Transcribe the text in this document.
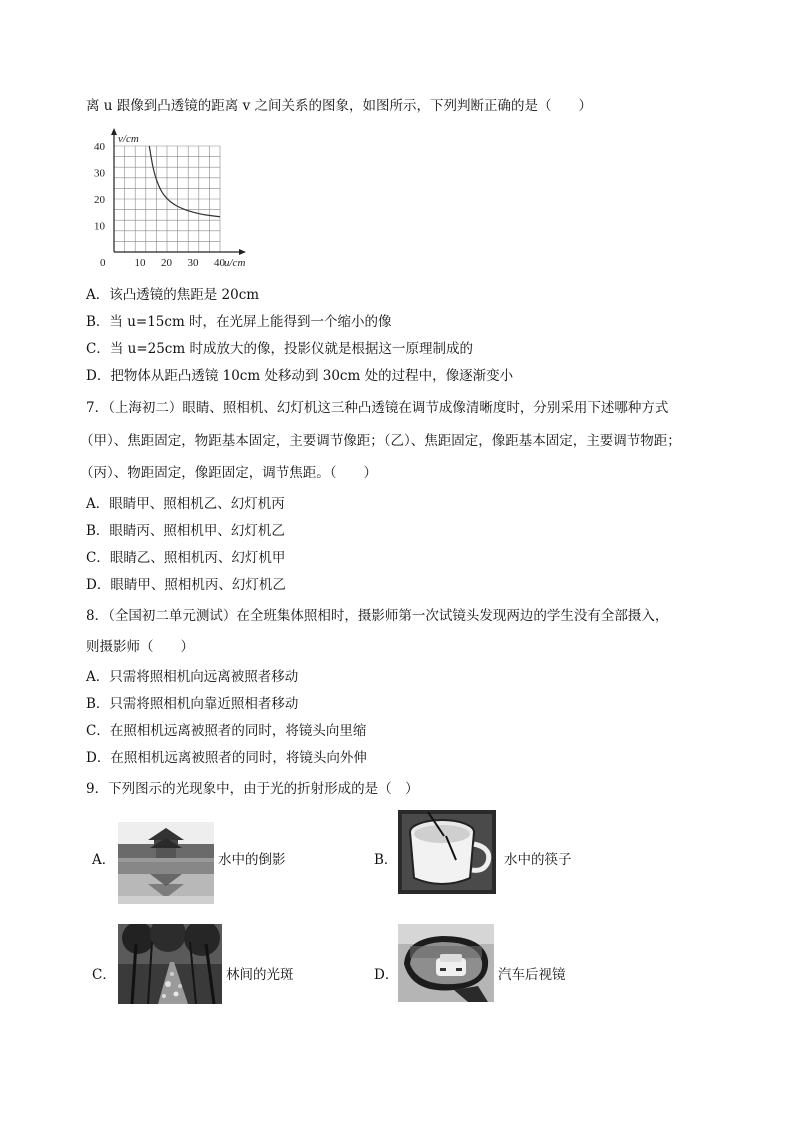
离 u 跟像到凸透镜的距离 v 之间关系的图象，如图所示，下列判断正确的是（　　）
0	10 20 30 40
10
20
30
40
u/cm
v/cm
A．该凸透镜的焦距是 20cm
B．当 u=15cm 时，在光屏上能得到一个缩小的像
C．当 u=25cm 时成放大的像，投影仪就是根据这一原理制成的
D．把物体从距凸透镜 10cm 处移动到 30cm 处的过程中，像逐渐变小
7．（上海初二）眼睛、照相机、幻灯机这三种凸透镜在调节成像清晰度时，分别采用下述哪种方式
（甲）、焦距固定，物距基本固定，主要调节像距；（乙）、焦距固定，像距基本固定，主要调节物距；
（丙）、物距固定，像距固定，调节焦距。（　　）
A．眼睛甲、照相机乙、幻灯机丙
B．眼睛丙、照相机甲、幻灯机乙
C．眼睛乙、照相机丙、幻灯机甲
D．眼睛甲、照相机丙、幻灯机乙
8．（全国初二单元测试）在全班集体照相时，摄影师第一次试镜头发现两边的学生没有全部摄入，
则摄影师（　　）
A．只需将照相机向远离被照者移动
B．只需将照相机向靠近照相者移动
C．在照相机远离被照者的同时，将镜头向里缩
D．在照相机远离被照者的同时，将镜头向外伸
9．下列图示的光现象中，由于光的折射形成的是（　）
A．	水中的倒影	B．	水中的筷子
C．	林间的光斑	D．	汽车后视镜
